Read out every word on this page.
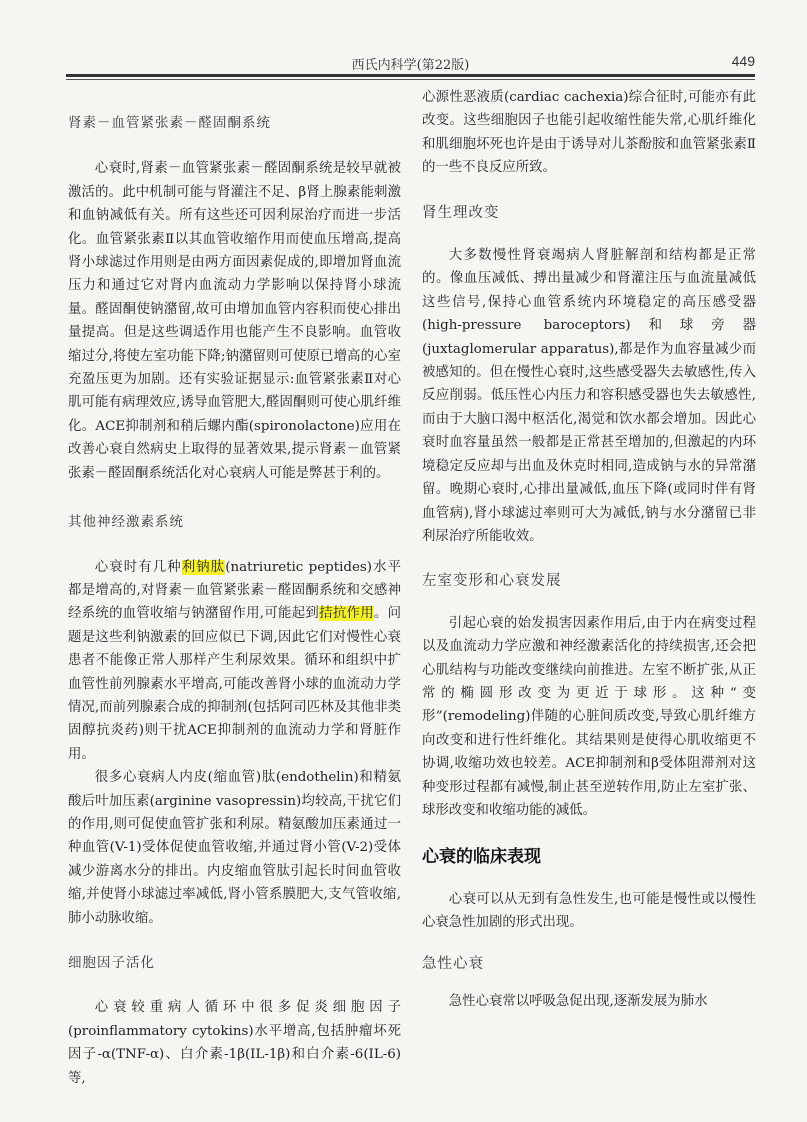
西氏内科学(第22版)	449
肾素－血管紧张素－醛固酮系统

心衰时,肾素－血管紧张素－醛固酮系统是较早就被激活的。此中机制可能与肾灌注不足、β肾上腺素能刺激和血钠减低有关。所有这些还可因利尿治疗而进一步活化。血管紧张素Ⅱ以其血管收缩作用而使血压增高,提高肾小球滤过作用则是由两方面因素促成的,即增加肾血流压力和通过它对肾内血流动力学影响以保持肾小球流量。醛固酮使钠潴留,故可由增加血管内容积而使心排出量提高。但是这些调适作用也能产生不良影响。血管收缩过分,将使左室功能下降;钠潴留则可使原已增高的心室充盈压更为加剧。还有实验证据显示:血管紧张素Ⅱ对心肌可能有病理效应,诱导血管肥大,醛固酮则可使心肌纤维化。ACE抑制剂和稍后螺内酯(spironolactone)应用在改善心衰自然病史上取得的显著效果,提示肾素－血管紧张素－醛固酮系统活化对心衰病人可能是弊甚于利的。

其他神经激素系统

心衰时有几种利钠肽(natriuretic peptides)水平都是增高的,对肾素－血管紧张素－醛固酮系统和交感神经系统的血管收缩与钠潴留作用,可能起到拮抗作用。问题是这些利钠激素的回应似已下调,因此它们对慢性心衰患者不能像正常人那样产生利尿效果。循环和组织中扩血管性前列腺素水平增高,可能改善肾小球的血流动力学情况,而前列腺素合成的抑制剂(包括阿司匹林及其他非类固醇抗炎药)则干扰ACE抑制剂的血流动力学和肾脏作用。

很多心衰病人内皮(缩血管)肽(endothelin)和精氨酸后叶加压素(arginine vasopressin)均较高,干扰它们的作用,则可促使血管扩张和利尿。精氨酸加压素通过一种血管(V-1)受体促使血管收缩,并通过肾小管(V-2)受体减少游离水分的排出。内皮缩血管肽引起长时间血管收缩,并使肾小球滤过率减低,肾小管系膜肥大,支气管收缩,肺小动脉收缩。

细胞因子活化

心衰较重病人循环中很多促炎细胞因子(proinflammatory cytokins)水平增高,包括肿瘤坏死因子-α(TNF-α)、白介素-1β(IL-1β)和白介素-6(IL-6)等,

心源性恶液质(cardiac cachexia)综合征时,可能亦有此改变。这些细胞因子也能引起收缩性能失常,心肌纤维化和肌细胞坏死也许是由于诱导对儿茶酚胺和血管紧张素Ⅱ的一些不良反应所致。

肾生理改变

大多数慢性肾衰竭病人肾脏解剖和结构都是正常的。像血压减低、搏出量减少和肾灌注压与血流量减低这些信号,保持心血管系统内环境稳定的高压感受器(high-pressure baroceptors)和球旁器(juxtaglomerular apparatus),都是作为血容量减少而被感知的。但在慢性心衰时,这些感受器失去敏感性,传入反应削弱。低压性心内压力和容积感受器也失去敏感性,而由于大脑口渴中枢活化,渴觉和饮水都会增加。因此心衰时血容量虽然一般都是正常甚至增加的,但激起的内环境稳定反应却与出血及休克时相同,造成钠与水的异常潴留。晚期心衰时,心排出量减低,血压下降(或同时伴有肾血管病),肾小球滤过率则可大为减低,钠与水分潴留已非利尿治疗所能收效。

左室变形和心衰发展

引起心衰的始发损害因素作用后,由于内在病变过程以及血流动力学应激和神经激素活化的持续损害,还会把心肌结构与功能改变继续向前推进。左室不断扩张,从正常的椭圆形改变为更近于球形。这种“变形”(remodeling)伴随的心脏间质改变,导致心肌纤维方向改变和进行性纤维化。其结果则是使得心肌收缩更不协调,收缩功效也较差。ACE抑制剂和β受体阻滞剂对这种变形过程都有减慢,制止甚至逆转作用,防止左室扩张、球形改变和收缩功能的减低。

心衰的临床表现

心衰可以从无到有急性发生,也可能是慢性或以慢性心衰急性加剧的形式出现。

急性心衰

急性心衰常以呼吸急促出现,逐渐发展为肺水
